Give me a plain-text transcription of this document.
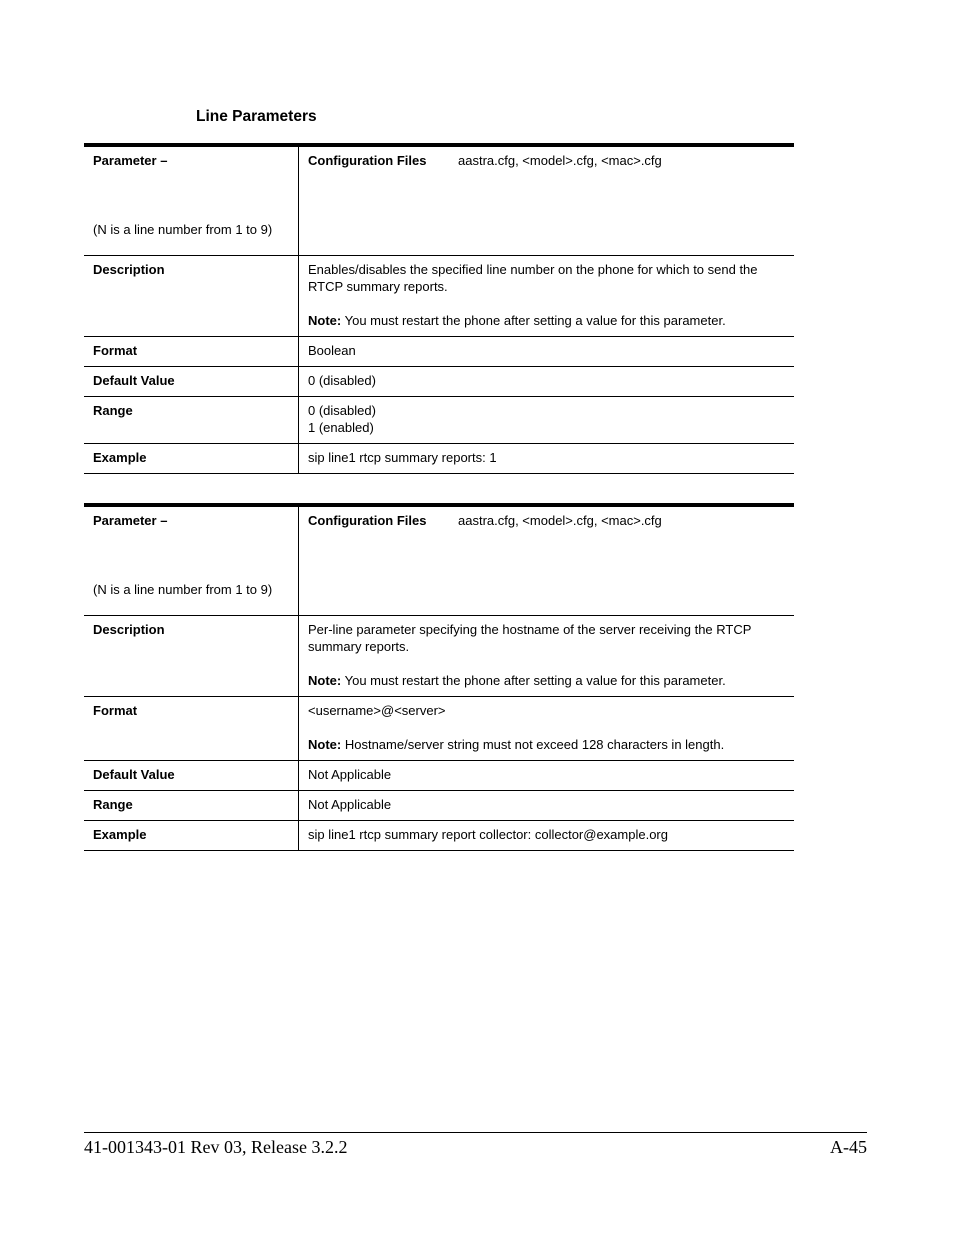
Line Parameters
Parameter –
(N is a line number from 1 to 9)	Configuration Files aastra.cfg, <model>.cfg, <mac>.cfg
Description	Enables/disables the specified line number on the phone for which to send the RTCP summary reports.
Note: You must restart the phone after setting a value for this parameter.

Format	Boolean
Default Value	0 (disabled)
Range	0 (disabled)
1 (enabled)

Example	sip line1 rtcp summary reports: 1
Parameter –
(N is a line number from 1 to 9)	Configuration Files aastra.cfg, <model>.cfg, <mac>.cfg
Description	Per-line parameter specifying the hostname of the server receiving the RTCP summary reports.
Note: You must restart the phone after setting a value for this parameter.

Format	<username>@<server>
Note: Hostname/server string must not exceed 128 characters in length.

Default Value	Not Applicable
Range	Not Applicable
Example	sip line1 rtcp summary report collector: collector@example.org
41-001343-01 Rev 03, Release 3.2.2	A-45
